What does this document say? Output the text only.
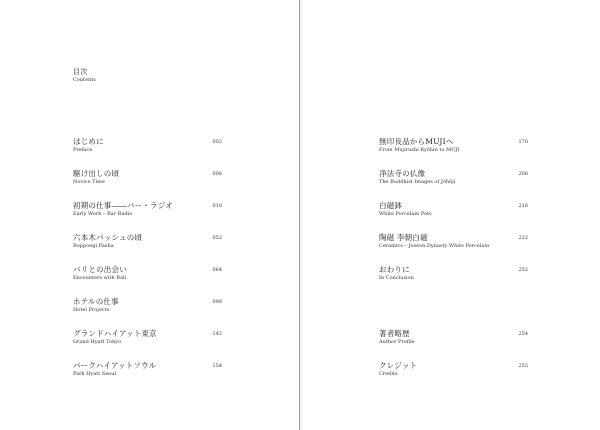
目次
Contents
はじめに
Preface
002
駆け出しの頃
Novice Time
006
初期の仕事――バー・ラジオ
Early Work – Bar Radio
018
六本木パッシュの頃
Roppongi Pasha
052
バリとの出会い
Encounters with Bali
064
ホテルの仕事
Hotel Projects
098
グランドハイアット東京
Grand Hyatt Tokyo
142
パークハイアットソウル
Park Hyatt Seoul
154
無印良品からMUJIへ
From Mujirushi Ryōhin to MUJI
170
浄法寺の仏像
The Buddhist Images of Jōhōji
206
白磁鉢
White Porcelain Pots
216
陶磁 李朝白磁
Ceramics – Joseon Dynasty White Porcelain
222
おわりに
In Conclusion
252
著者略歴
Author Profile
254
クレジット
Credits
255
